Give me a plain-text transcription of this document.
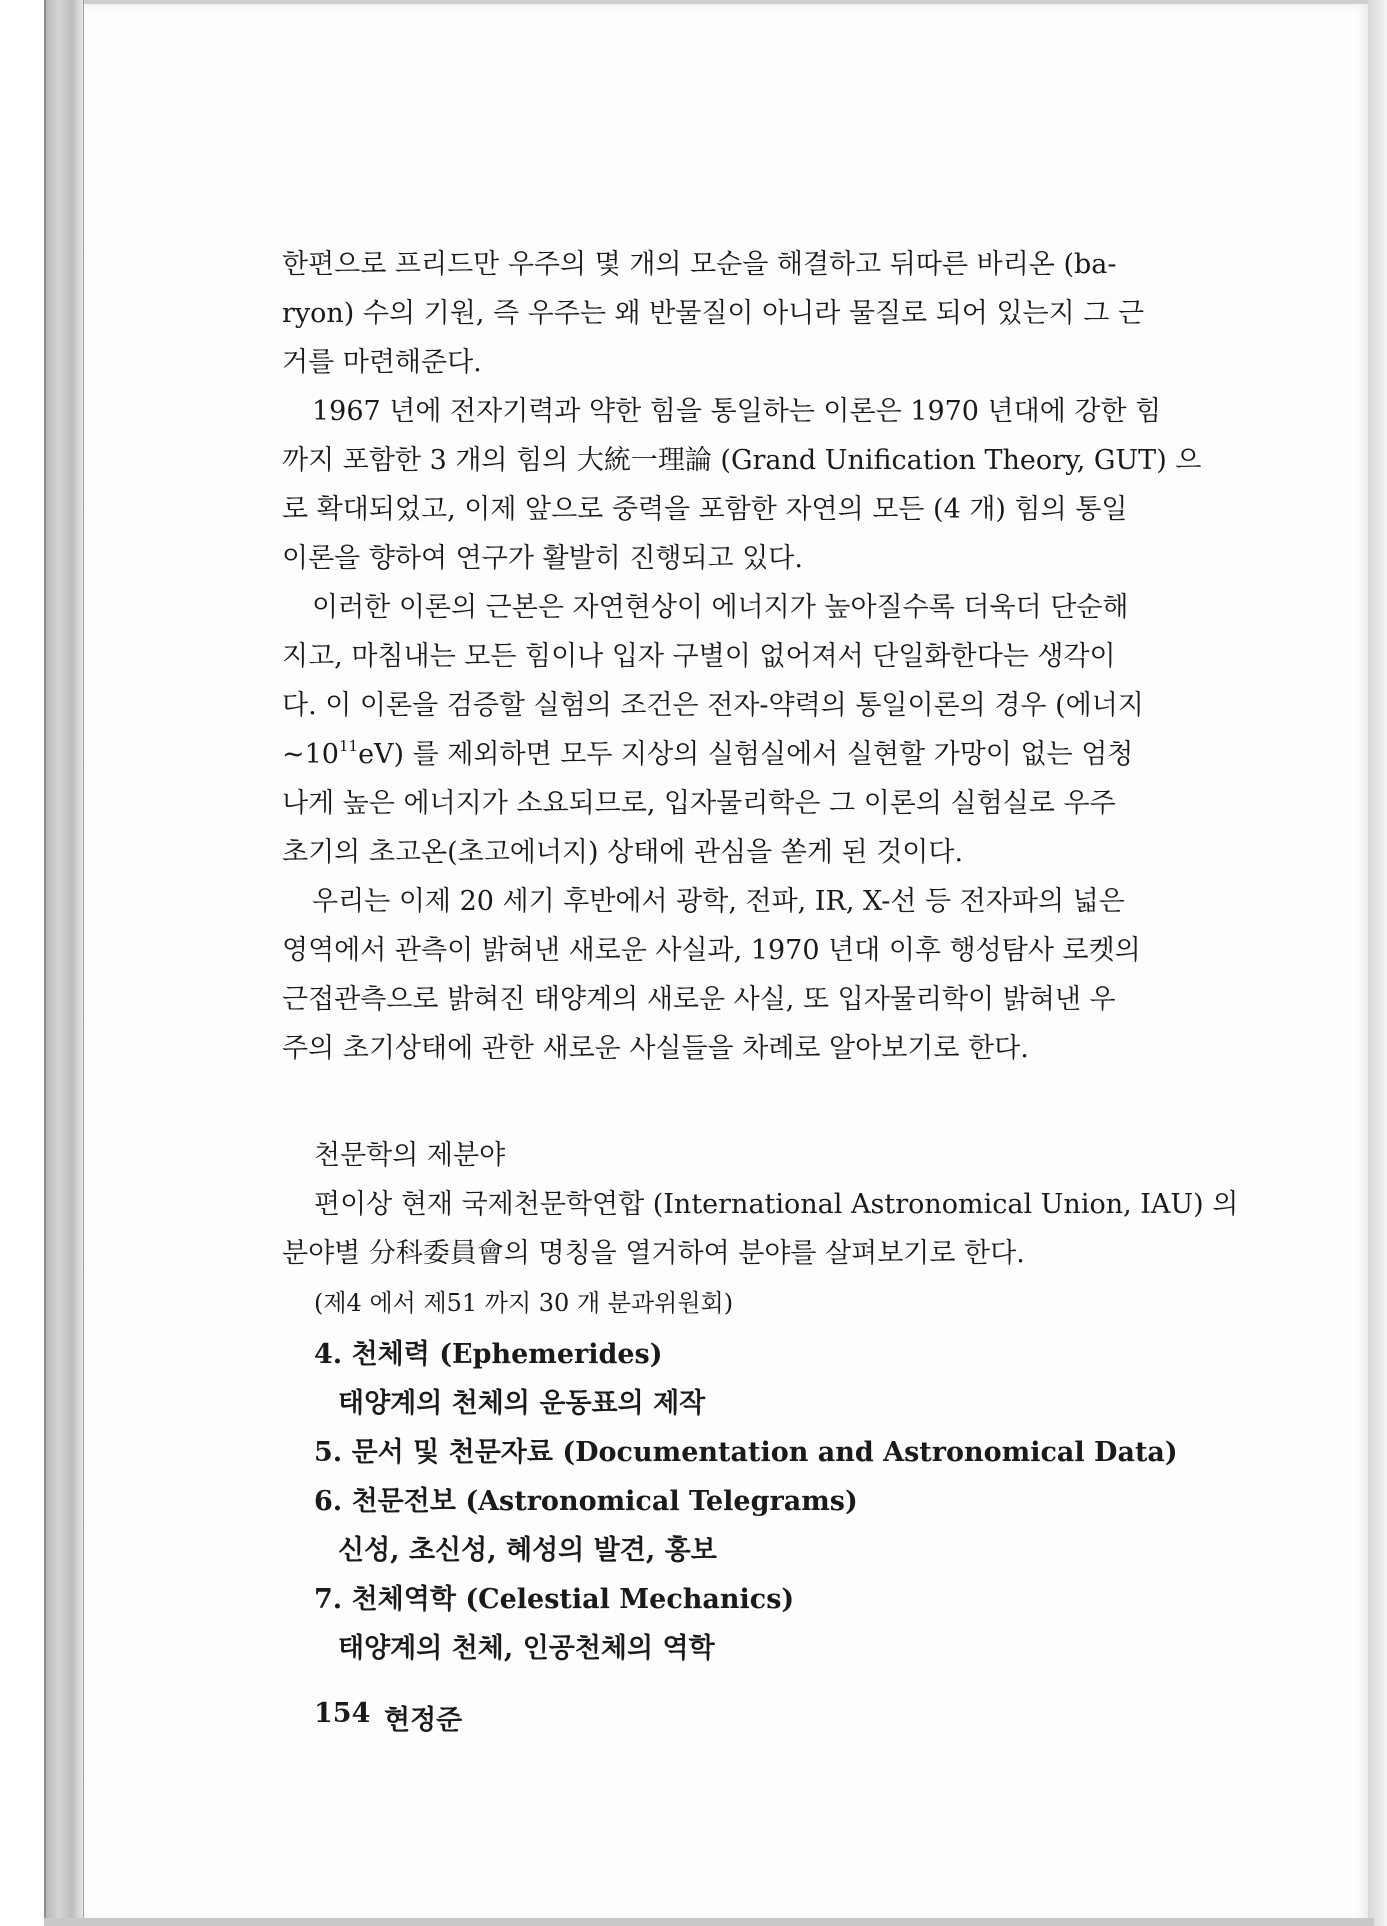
한편으로 프리드만 우주의 몇 개의 모순을 해결하고 뒤따른 바리온 (ba-
ryon) 수의 기원, 즉 우주는 왜 반물질이 아니라 물질로 되어 있는지 그 근
거를 마련해준다.

1967 년에 전자기력과 약한 힘을 통일하는 이론은 1970 년대에 강한 힘
까지 포함한 3 개의 힘의 大統一理論 (Grand Unification Theory, GUT) 으
로 확대되었고, 이제 앞으로 중력을 포함한 자연의 모든 (4 개) 힘의 통일
이론을 향하여 연구가 활발히 진행되고 있다.

이러한 이론의 근본은 자연현상이 에너지가 높아질수록 더욱더 단순해
지고, 마침내는 모든 힘이나 입자 구별이 없어져서 단일화한다는 생각이
다. 이 이론을 검증할 실험의 조건은 전자-약력의 통일이론의 경우 (에너지
$\sim 10^{11}eV$) 를 제외하면 모두 지상의 실험실에서 실현할 가망이 없는 엄청
나게 높은 에너지가 소요되므로, 입자물리학은 그 이론의 실험실로 우주
초기의 초고온(초고에너지) 상태에 관심을 쏟게 된 것이다.

우리는 이제 20 세기 후반에서 광학, 전파, IR, X-선 등 전자파의 넓은
영역에서 관측이 밝혀낸 새로운 사실과, 1970 년대 이후 행성탐사 로켓의
근접관측으로 밝혀진 태양계의 새로운 사실, 또 입자물리학이 밝혀낸 우
주의 초기상태에 관한 새로운 사실들을 차례로 알아보기로 한다.

천문학의 제분야
편이상 현재 국제천문학연합 (International Astronomical Union, IAU) 의
분야별 分科委員會의 명칭을 열거하여 분야를 살펴보기로 한다.
(제4 에서 제51 까지 30 개 분과위원회)
4. 천체력 (Ephemerides)
태양계의 천체의 운동표의 제작
5. 문서 및 천문자료 (Documentation and Astronomical Data)
6. 천문전보 (Astronomical Telegrams)
신성, 초신성, 혜성의 발견, 홍보
7. 천체역학 (Celestial Mechanics)
태양계의 천체, 인공천체의 역학
154 현정준
